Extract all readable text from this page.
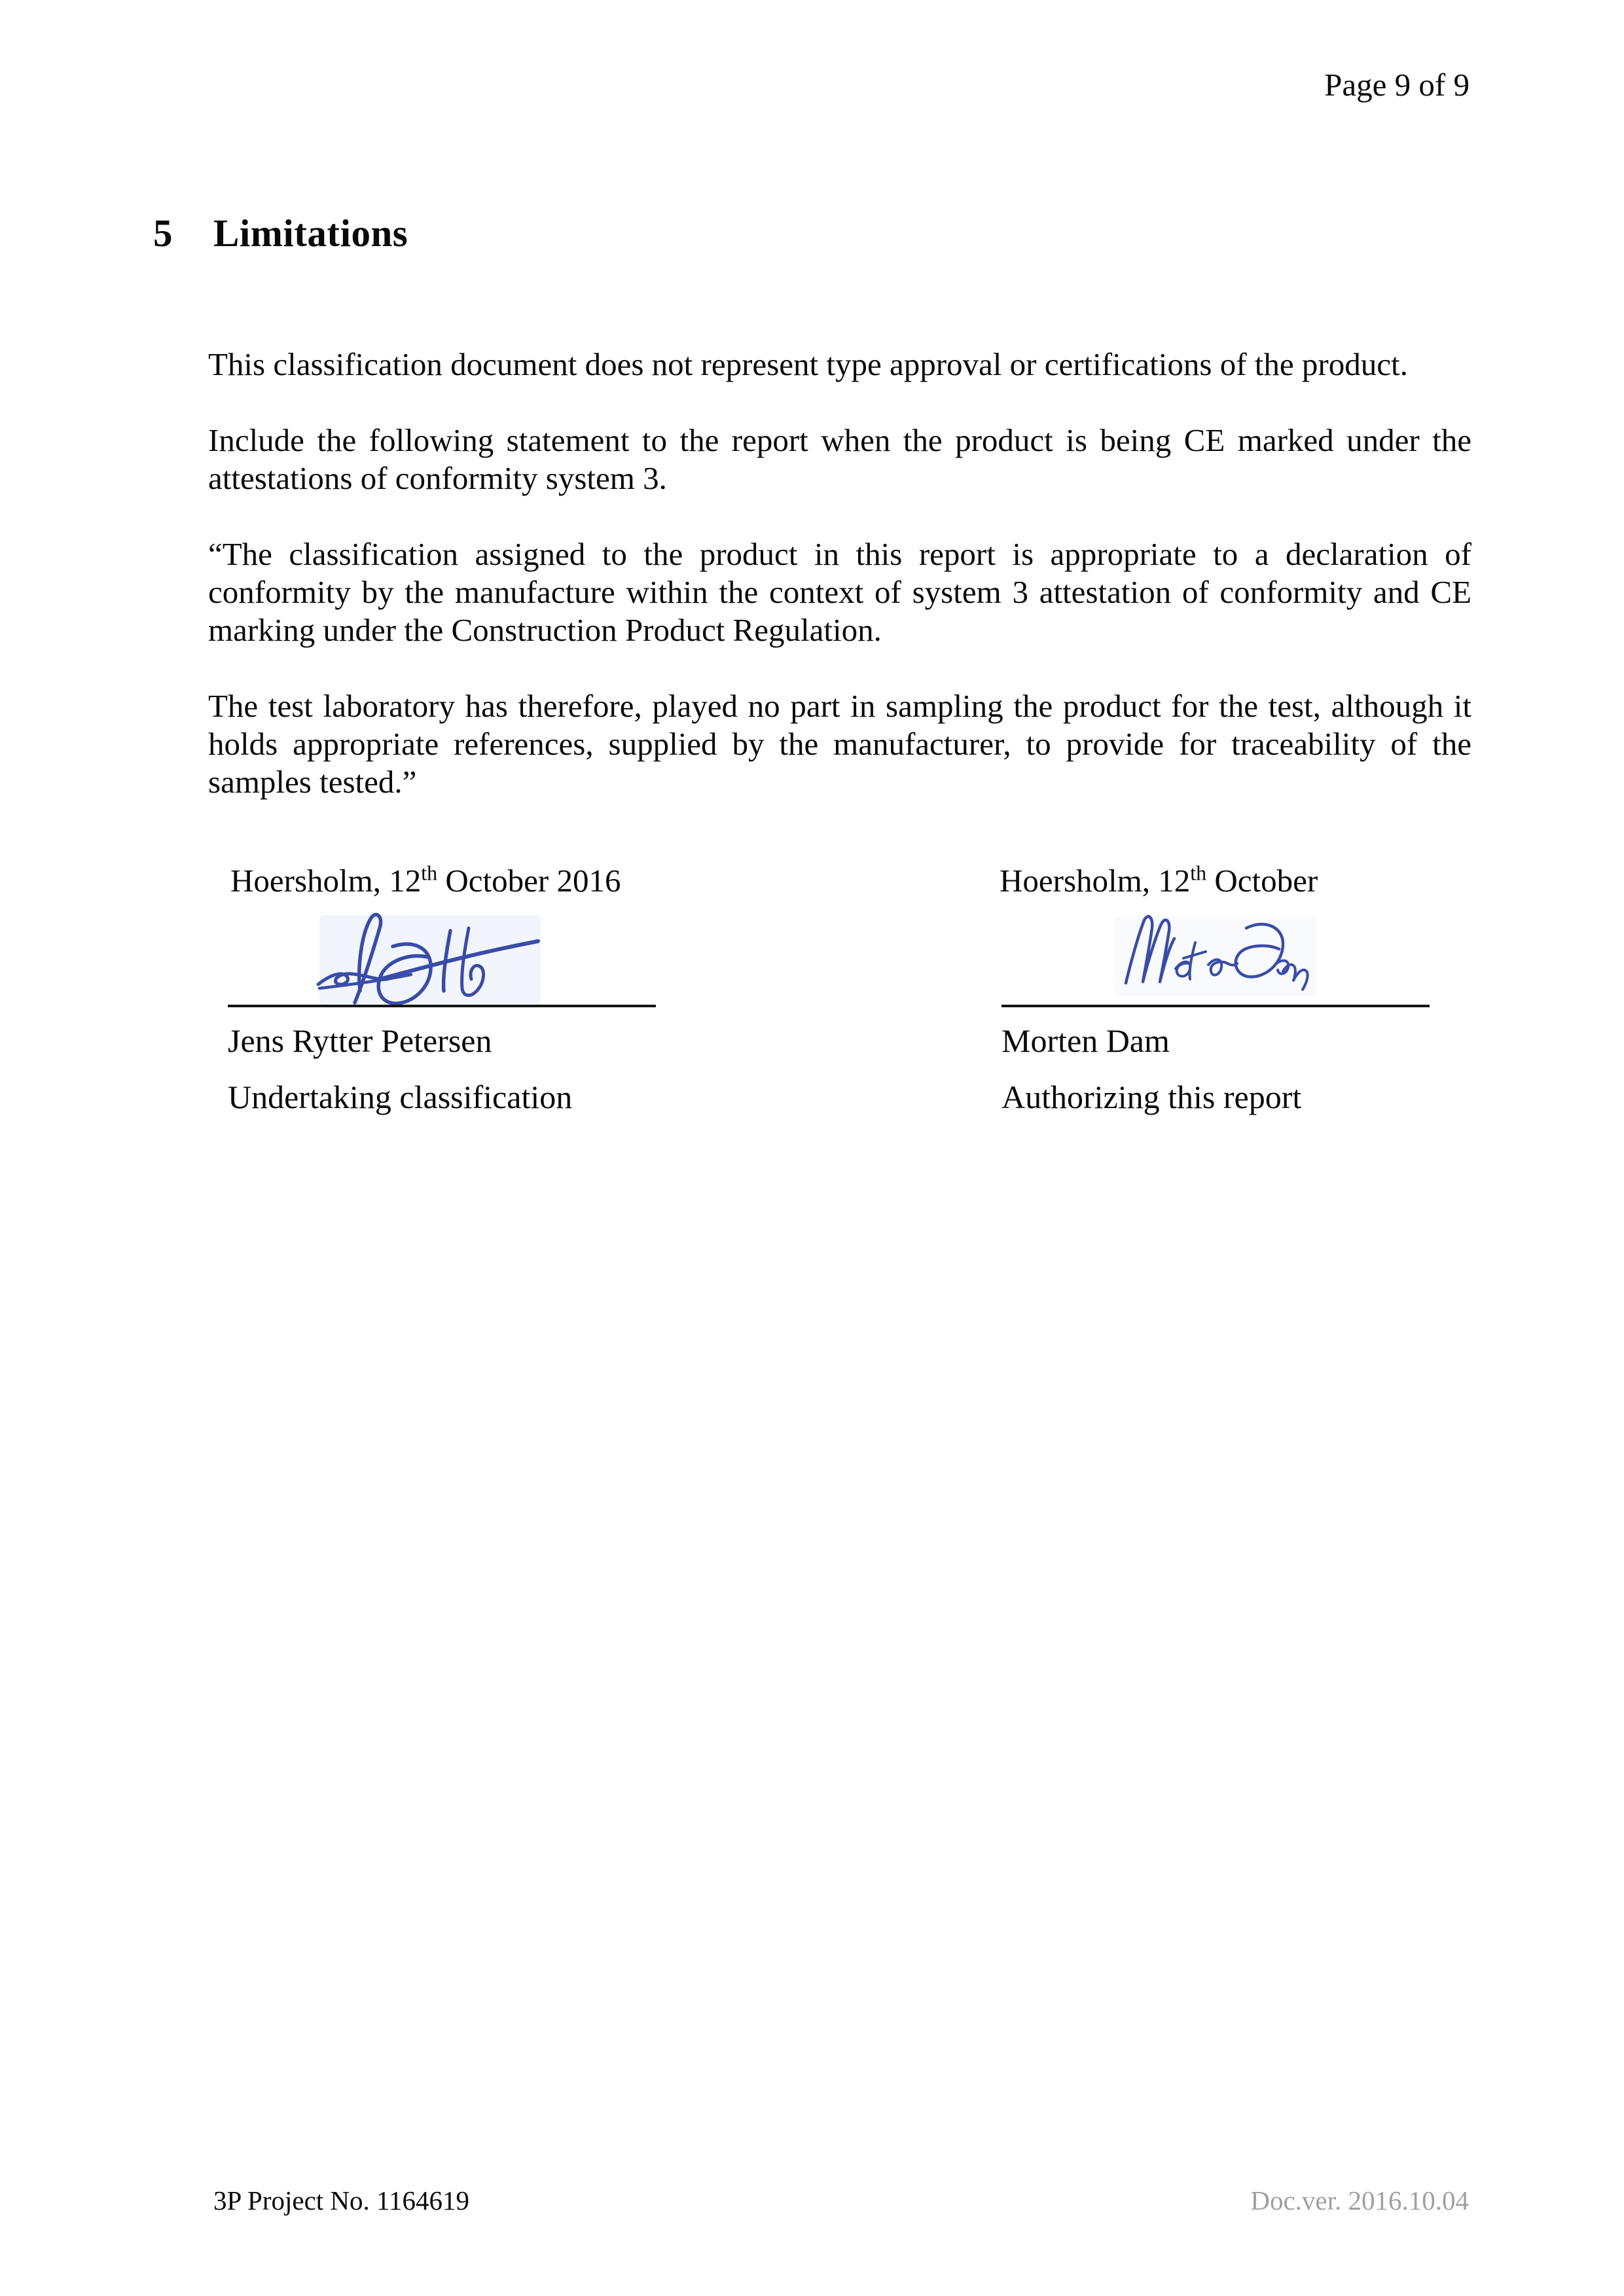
Page 9 of 9
5 Limitations
This classification document does not represent type approval or certifications of the product.
Include the following statement to the report when the product is being CE marked under the attestations of conformity system 3.
“The classification assigned to the product in this report is appropriate to a declaration of conformity by the manufacture within the context of system 3 attestation of conformity and CE marking under the Construction Product Regulation.
The test laboratory has therefore, played no part in sampling the product for the test, although it holds appropriate references, supplied by the manufacturer, to provide for traceability of the samples tested.”
Hoersholm, 12th October 2016	Hoersholm, 12th October
Jens Rytter Petersen
Undertaking classification
Morten Dam
Authorizing this report
3P Project No. 1164619	Doc.ver. 2016.10.04
